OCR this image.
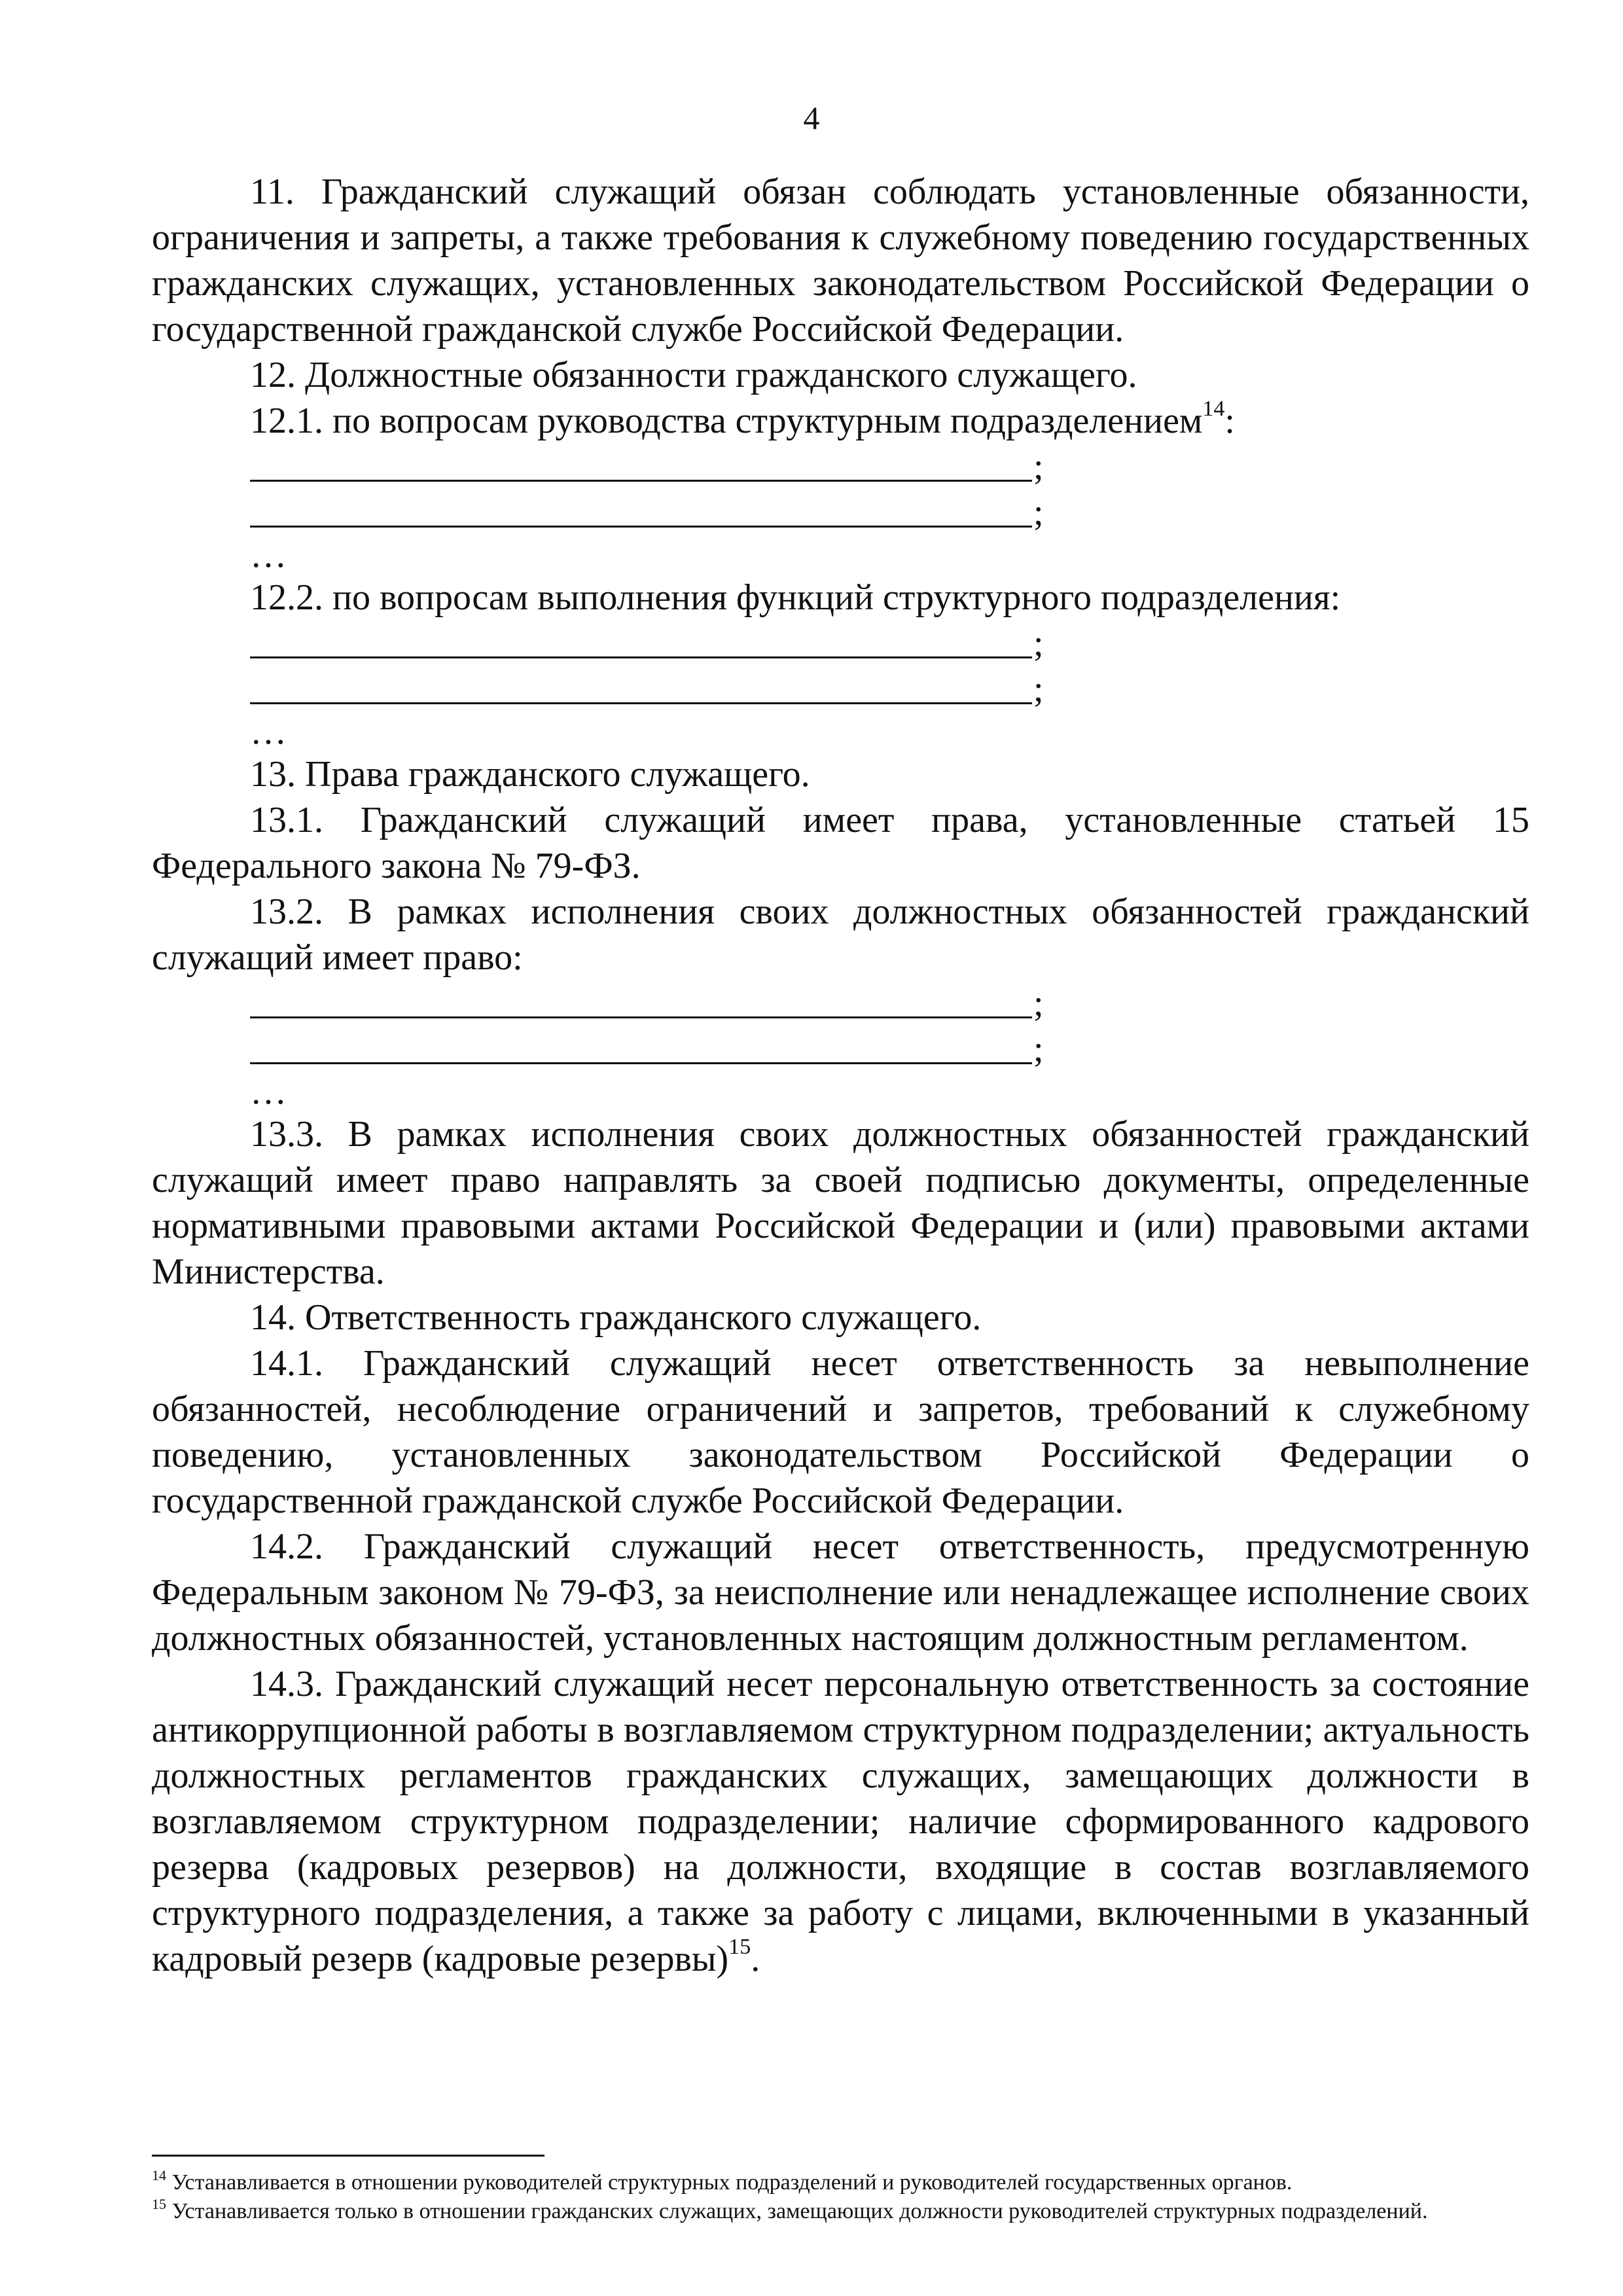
4

11. Гражданский служащий обязан соблюдать установленные обязанности, ограничения и запреты, а также требования к служебному поведению государственных гражданских служащих, установленных законодательством Российской Федерации о государственной гражданской службе Российской Федерации.

12. Должностные обязанности гражданского служащего.

12.1. по вопросам руководства структурным подразделением$^{14}$:

;
;
…

12.2. по вопросам выполнения функций структурного подразделения:

;
;
…

13. Права гражданского служащего.

13.1. Гражданский служащий имеет права, установленные статьей 15 Федерального закона № 79-ФЗ.

13.2. В рамках исполнения своих должностных обязанностей гражданский служащий имеет право:

;
;
…

13.3. В рамках исполнения своих должностных обязанностей гражданский служащий имеет право направлять за своей подписью документы, определенные нормативными правовыми актами Российской Федерации и (или) правовыми актами Министерства.

14. Ответственность гражданского служащего.

14.1. Гражданский служащий несет ответственность за невыполнение обязанностей, несоблюдение ограничений и запретов, требований к служебному поведению, установленных законодательством Российской Федерации о государственной гражданской службе Российской Федерации.

14.2. Гражданский служащий несет ответственность, предусмотренную Федеральным законом № 79-ФЗ, за неисполнение или ненадлежащее исполнение своих должностных обязанностей, установленных настоящим должностным регламентом.

14.3. Гражданский служащий несет персональную ответственность за состояние антикоррупционной работы в возглавляемом структурном подразделении; актуальность должностных регламентов гражданских служащих, замещающих должности в возглавляемом структурном подразделении; наличие сформированного кадрового резерва (кадровых резервов) на должности, входящие в состав возглавляемого структурного подразделения, а также за работу с лицами, включенными в указанный кадровый резерв (кадровые резервы)$^{15}$.

$^{14}$ Устанавливается в отношении руководителей структурных подразделений и руководителей государственных органов.

$^{15}$ Устанавливается только в отношении гражданских служащих, замещающих должности руководителей структурных подразделений.
